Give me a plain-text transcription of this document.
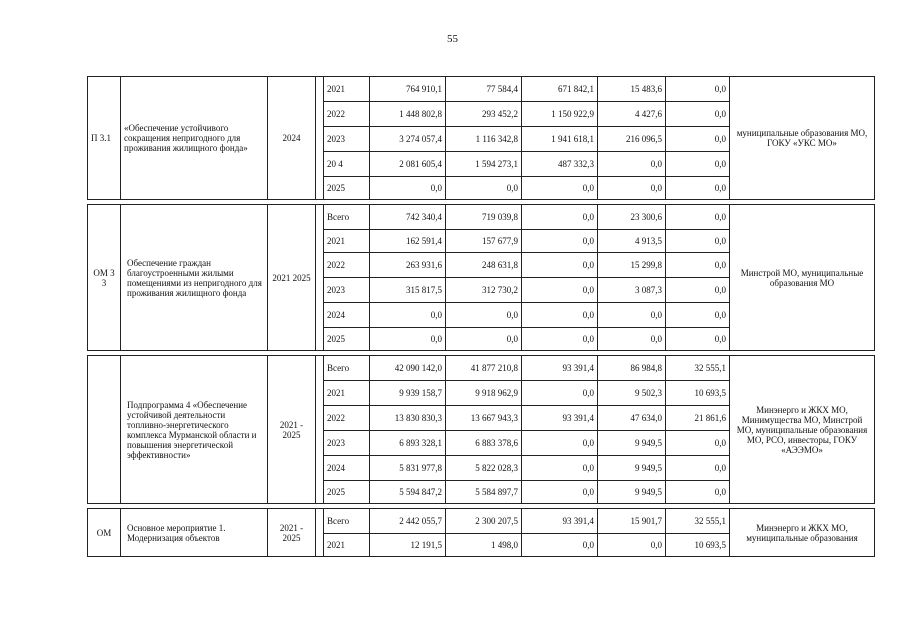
55
П 3.1	«Обеспечение устойчивого сокращения непригодного для проживания жилищного фонда»	2024		2021	764 910,1	77 584,4	671 842,1	15 483,6	0,0	муниципальные образования МО, ГОКУ «УКС МО»
				2022	1 448 802,8	293 452,2	1 150 922,9	4 427,6	0,0	
				2023	3 274 057,4	1 116 342,8	1 941 618,1	216 096,5	0,0	
				20 4	2 081 605,4	1 594 273,1	487 332,3	0,0	0,0	
				2025	0,0	0,0	0,0	0,0	0,0	

ОМ 3 3	Обеспечение граждан благоустроенными жилыми помещениями из непригодного для проживания жилищного фонда	2021 2025		Всего	742 340,4	719 039,8	0,0	23 300,6	0,0	Минстрой МО, муниципальные образования МО
				2021	162 591,4	157 677,9	0,0	4 913,5	0,0	
				2022	263 931,6	248 631,8	0,0	15 299,8	0,0	
				2023	315 817,5	312 730,2	0,0	3 087,3	0,0	
				2024	0,0	0,0	0,0	0,0	0,0	
				2025	0,0	0,0	0,0	0,0	0,0	

	Подпрограмма 4 «Обеспечение устойчивой деятельности топливно-энергетического комплекса Мурманской области и повышения энергетической эффективности»	2021 - 2025		Всего	42 090 142,0	41 877 210,8	93 391,4	86 984,8	32 555,1	Минэнерго и ЖКХ МО, Минимущества МО, Минстрой МО, муниципальные образования МО, РСО, инвесторы, ГОКУ «АЭЭМО»
				2021	9 939 158,7	9 918 962,9	0,0	9 502,3	10 693,5	
				2022	13 830 830,3	13 667 943,3	93 391,4	47 634,0	21 861,6	
				2023	6 893 328,1	6 883 378,6	0,0	9 949,5	0,0	
				2024	5 831 977,8	5 822 028,3	0,0	9 949,5	0,0	
				2025	5 594 847,2	5 584 897,7	0,0	9 949,5	0,0	

ОМ	Основное мероприятие 1. Модернизация объектов	2021 - 2025		Всего	2 442 055,7	2 300 207,5	93 391,4	15 901,7	32 555,1	Минэнерго и ЖКХ МО, муниципальные образования
				2021	12 191,5	1 498,0	0,0	0,0	10 693,5	
